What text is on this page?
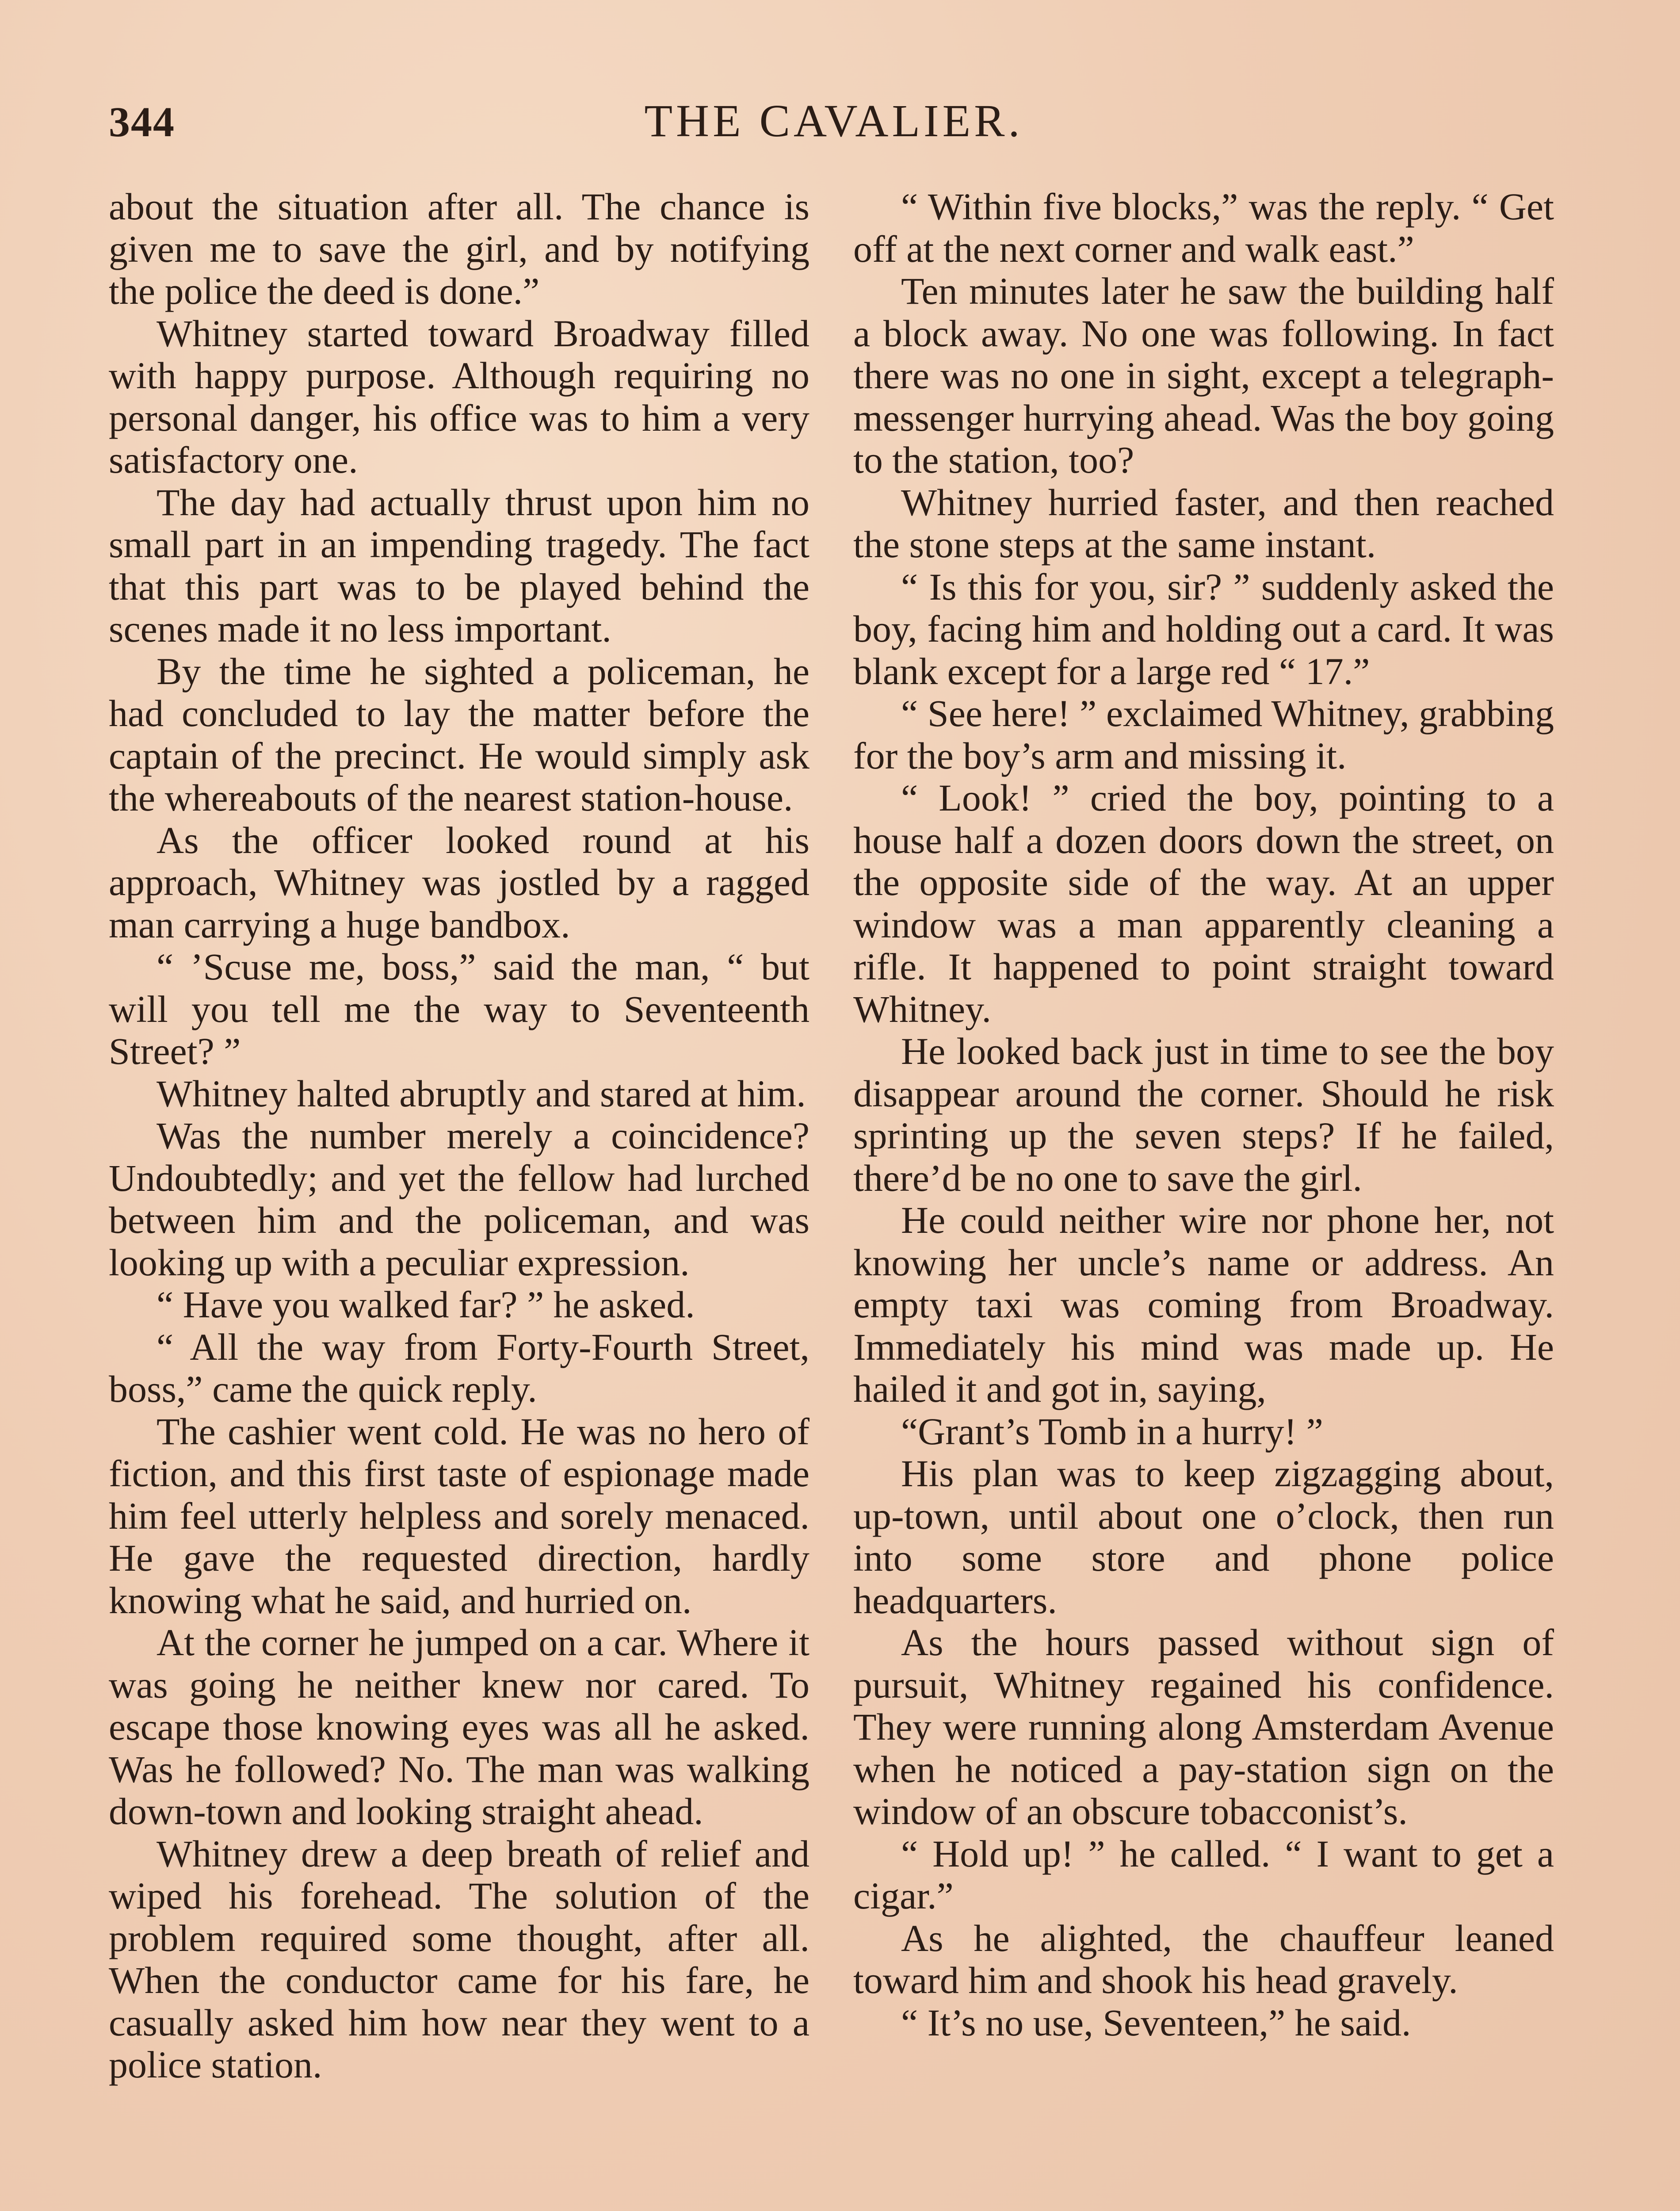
344	THE CAVALIER.

about the situation after all. The chance is given me to save the girl, and by notifying the police the deed is done.”

Whitney started toward Broadway filled with happy purpose. Although requiring no personal danger, his office was to him a very satisfactory one.

The day had actually thrust upon him no small part in an impending tragedy. The fact that this part was to be played behind the scenes made it no less important.

By the time he sighted a policeman, he had concluded to lay the matter before the captain of the precinct. He would simply ask the whereabouts of the nearest station-house.

As the officer looked round at his approach, Whitney was jostled by a ragged man carrying a huge bandbox.

“ ’Scuse me, boss,” said the man, “ but will you tell me the way to Seventeenth Street? ”

Whitney halted abruptly and stared at him.

Was the number merely a coincidence? Undoubtedly; and yet the fellow had lurched between him and the policeman, and was looking up with a peculiar expression.

“ Have you walked far? ” he asked.

“ All the way from Forty-Fourth Street, boss,” came the quick reply.

The cashier went cold. He was no hero of fiction, and this first taste of espionage made him feel utterly helpless and sorely menaced. He gave the requested direction, hardly knowing what he said, and hurried on.

At the corner he jumped on a car. Where it was going he neither knew nor cared. To escape those knowing eyes was all he asked. Was he followed? No. The man was walking down-town and looking straight ahead.

Whitney drew a deep breath of relief and wiped his forehead. The solution of the problem required some thought, after all. When the conductor came for his fare, he casually asked him how near they went to a police station.

“ Within five blocks,” was the reply. “ Get off at the next corner and walk east.”

Ten minutes later he saw the building half a block away. No one was following. In fact there was no one in sight, except a telegraph-messenger hurrying ahead. Was the boy going to the station, too?

Whitney hurried faster, and then reached the stone steps at the same instant.

“ Is this for you, sir? ” suddenly asked the boy, facing him and holding out a card. It was blank except for a large red “ 17.”

“ See here! ” exclaimed Whitney, grabbing for the boy’s arm and missing it.

“ Look! ” cried the boy, pointing to a house half a dozen doors down the street, on the opposite side of the way. At an upper window was a man apparently cleaning a rifle. It happened to point straight toward Whitney.

He looked back just in time to see the boy disappear around the corner. Should he risk sprinting up the seven steps? If he failed, there’d be no one to save the girl.

He could neither wire nor phone her, not knowing her uncle’s name or address. An empty taxi was coming from Broadway. Immediately his mind was made up. He hailed it and got in, saying,

“Grant’s Tomb in a hurry! ”

His plan was to keep zigzagging about, up-town, until about one o’clock, then run into some store and phone police headquarters.

As the hours passed without sign of pursuit, Whitney regained his confidence. They were running along Amsterdam Avenue when he noticed a pay-station sign on the window of an obscure tobacconist’s.

“ Hold up! ” he called. “ I want to get a cigar.”

As he alighted, the chauffeur leaned toward him and shook his head gravely.

“ It’s no use, Seventeen,” he said.
